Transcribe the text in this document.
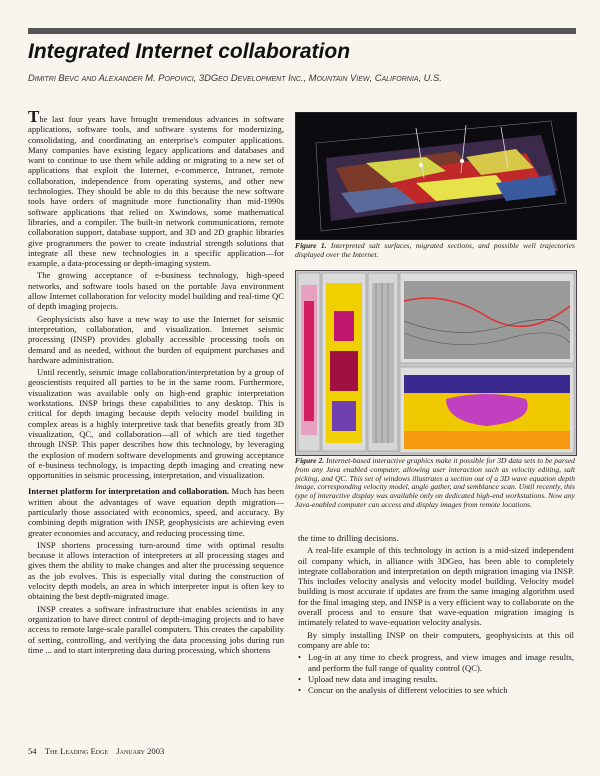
Integrated Internet collaboration
Dimitri Bevc and Alexander M. Popovici, 3DGeo Development Inc., Mountain View, California, U.S.

The last four years have brought tremendous advances in software applications, software tools, and software systems for modernizing, consolidating, and coordinating an enterprise's computer applications. Many companies have existing legacy applications and databases and want to continue to use them while adding or migrating to a new set of applications that exploit the Internet, e-commerce, Intranet, remote collaboration, independence from operating systems, and other new technologies. They should be able to do this because the new software tools have orders of magnitude more functionality than mid-1990s software applications that relied on Xwindows, some mathematical libraries, and a compiler. The built-in network communications, remote collaboration support, database support, and 3D and 2D graphic libraries give programmers the power to create industrial strength solutions that integrate all these new technologies in a specific application—for example, a data-processing or depth-imaging system.

The growing acceptance of e-business technology, high-speed networks, and software tools based on the portable Java environment allow Internet collaboration for velocity model building and real-time QC of depth imaging projects.

Geophysicists also have a new way to use the Internet for seismic interpretation, collaboration, and visualization. Internet seismic processing (INSP) provides globally accessible processing tools on demand and as needed, without the burden of equipment purchases and hardware administration.

Until recently, seismic image collaboration/interpretation by a group of geoscientists required all parties to be in the same room. Furthermore, visualization was available only on high-end graphic interpretation workstations. INSP brings these capabilities to any desktop. This is critical for depth imaging because depth velocity model building in complex areas is a highly interpretive task that benefits greatly from 3D visualization, QC, and collaboration—all of which are tied together through INSP. This paper describes how this technology, by leveraging the explosion of modern software developments and growing acceptance of e-business technology, is impacting depth imaging and creating new opportunities in seismic processing, interpretation, and visualization.

Internet platform for interpretation and collaboration. Much has been written about the advantages of wave equation depth migration—particularly those associated with economics, speed, and accuracy. By combining depth migration with INSP, geophysicists are achieving even greater economies and accuracy, and reducing processing time.

INSP shortens processing turn-around time with optimal results because it allows interaction of interpreters at all processing stages and gives them the ability to make changes and alter the processing sequence as the job evolves. This is especially vital during the construction of velocity depth models, an area in which interpreter input is often key to obtaining the best depth-migrated image.

INSP creates a software infrastructure that enables scientists in any organization to have direct control of depth-imaging projects and to have access to remote large-scale parallel computers. This creates the capability of setting, controlling, and verifying the data processing jobs during run time ... and to start interpreting data during processing, which shortens

Figure 1. Interpreted salt surfaces, migrated sections, and possible well trajectories displayed over the Internet.
Figure 2. Internet-based interactive graphics make it possible for 3D data sets to be parsed from any Java enabled computer, allowing user interaction such as velocity editing, salt picking, and QC. This set of windows illustrates a section out of a 3D wave equation depth image, corresponding velocity model, angle gather, and semblance scan. Until recently, this type of interactive display was available only on dedicated high-end workstations. Now any Java-enabled computer can access and display images from remote locations.

the time to drilling decisions.

A real-life example of this technology in action is a mid-sized independent oil company which, in alliance with 3DGeo, has been able to completely integrate collaboration and interpretation on depth migration imaging via INSP. This includes velocity analysis and velocity model building. Velocity model building is most accurate if updates are from the same imaging algorithm used for the final imaging step, and INSP is a very efficient way to collaborate on the overall process and to ensure that wave-equation migration imaging is intimately related to wave-equation velocity analysis.

By simply installing INSP on their computers, geophysicists at this oil company are able to:

• Log-in at any time to check progress, and view images and image results, and perform the full range of quality control (QC).
• Upload new data and imaging results.
• Concur on the analysis of different velocities to see which
54 The Leading Edge January 2003
